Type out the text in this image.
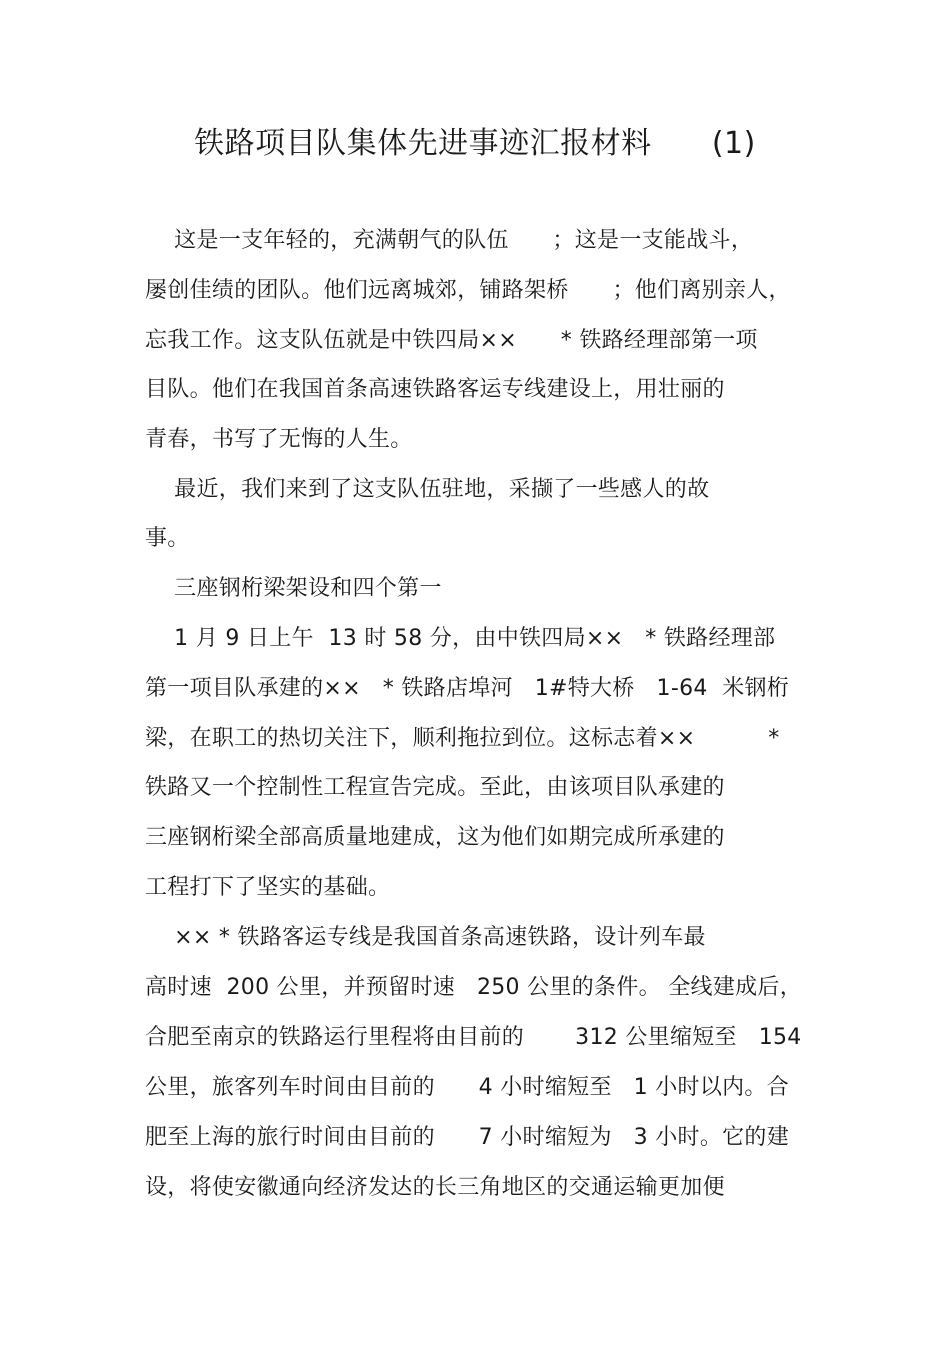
铁路项目队集体先进事迹汇报材料      (1)
这是一支年轻的，充满朝气的队伍      ；这是一支能战斗，
屡创佳绩的团队。他们远离城郊，铺路架桥      ；他们离别亲人，
忘我工作。这支队伍就是中铁四局××      * 铁路经理部第一项
目队。他们在我国首条高速铁路客运专线建设上，用壮丽的
青春，书写了无悔的人生。
最近，我们来到了这支队伍驻地，采撷了一些感人的故
事。
三座钢桁梁架设和四个第一
1 月 9 日上午  13 时 58 分，由中铁四局××   * 铁路经理部
第一项目队承建的××   * 铁路店埠河   1#特大桥   1-64  米钢桁
梁，在职工的热切关注下，顺利拖拉到位。这标志着××          *
铁路又一个控制性工程宣告完成。至此，由该项目队承建的
三座钢桁梁全部高质量地建成，这为他们如期完成所承建的
工程打下了坚实的基础。
×× * 铁路客运专线是我国首条高速铁路，设计列车最
高时速  200 公里，并预留时速   250 公里的条件。 全线建成后，
合肥至南京的铁路运行里程将由目前的       312 公里缩短至   154
公里，旅客列车时间由目前的      4 小时缩短至   1 小时以内。合
肥至上海的旅行时间由目前的      7 小时缩短为   3 小时。它的建
设，将使安徽通向经济发达的长三角地区的交通运输更加便
